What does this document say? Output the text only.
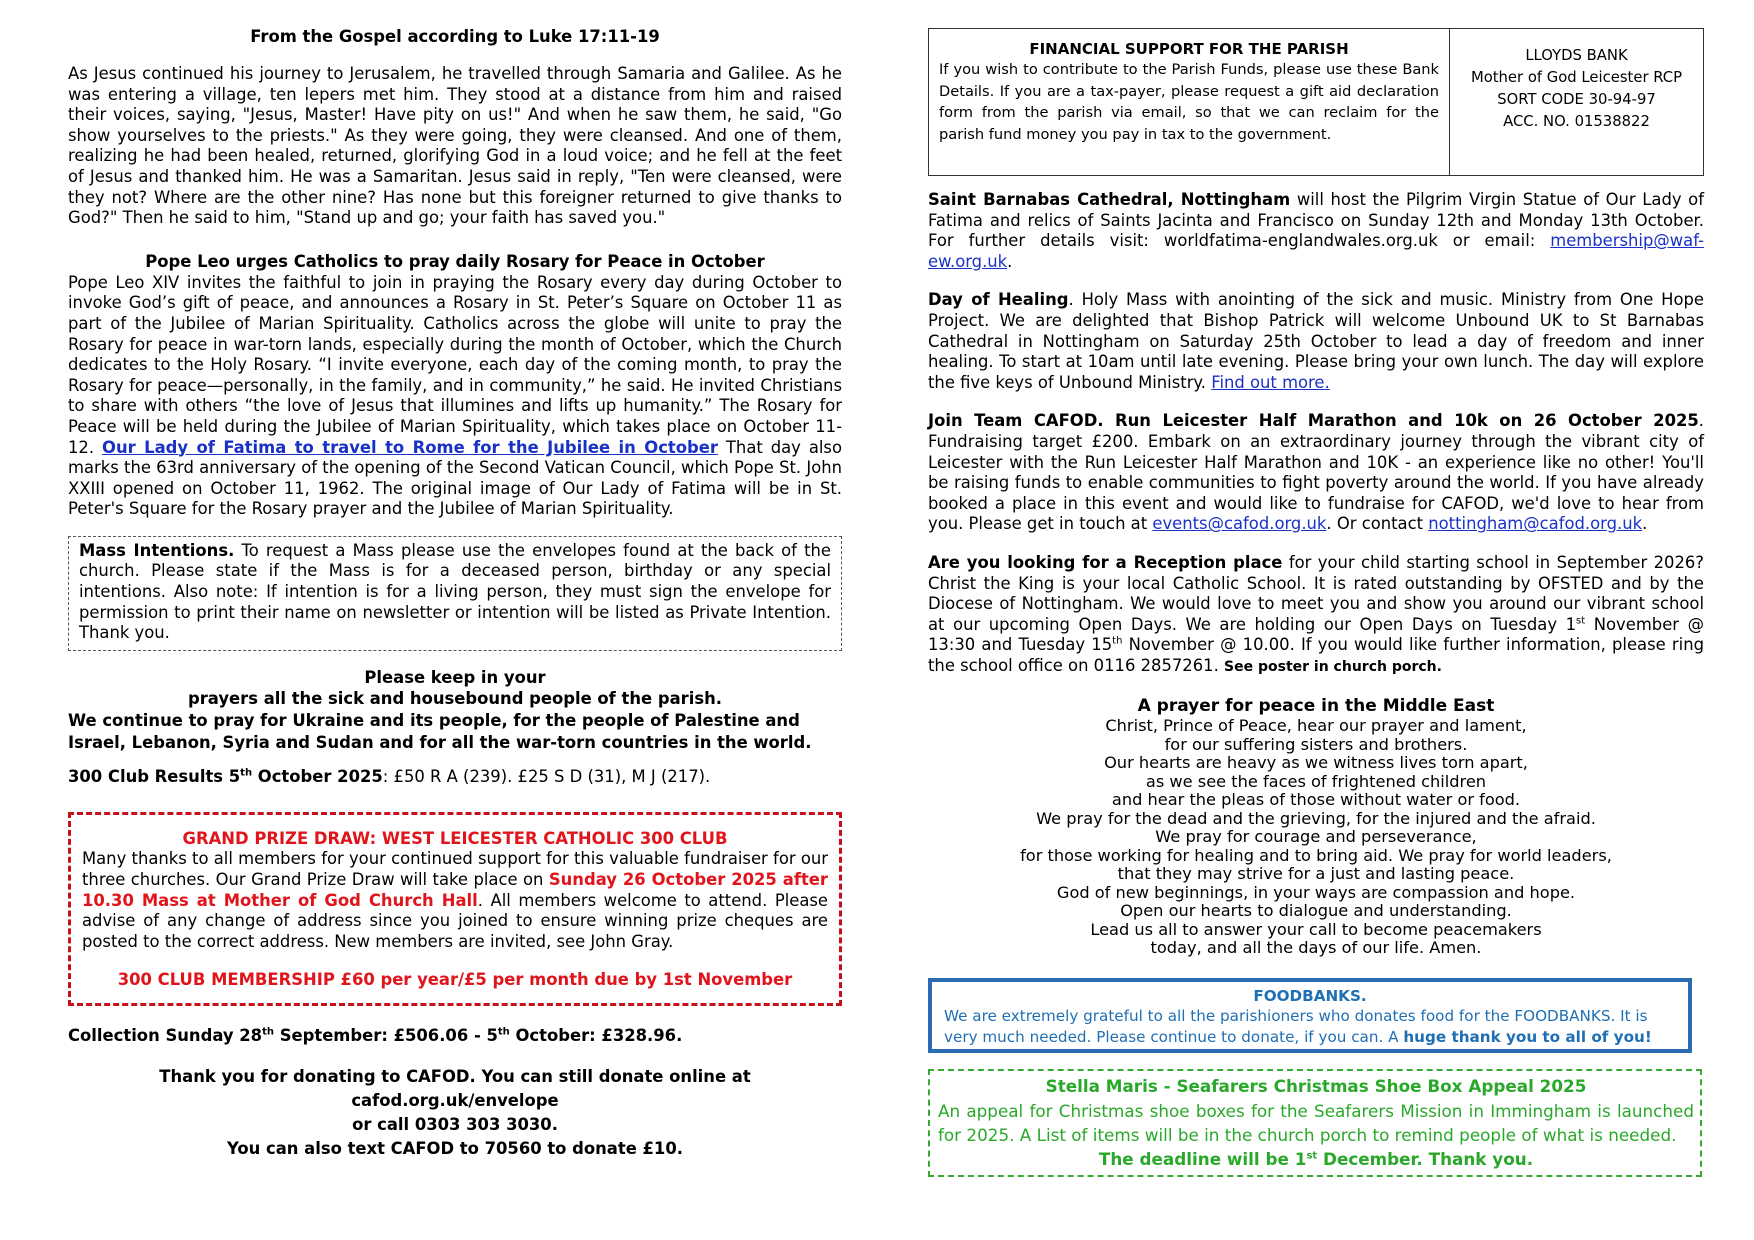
From the Gospel according to Luke 17:11-19

As Jesus continued his journey to Jerusalem, he travelled through Samaria and Galilee. As he was entering a village, ten lepers met him. They stood at a distance from him and raised their voices, saying, "Jesus, Master! Have pity on us!" And when he saw them, he said, "Go show yourselves to the priests." As they were going, they were cleansed. And one of them, realizing he had been healed, returned, glorifying God in a loud voice; and he fell at the feet of Jesus and thanked him. He was a Samaritan. Jesus said in reply, "Ten were cleansed, were they not? Where are the other nine? Has none but this foreigner returned to give thanks to God?" Then he said to him, "Stand up and go; your faith has saved you."

Pope Leo urges Catholics to pray daily Rosary for Peace in October

Pope Leo XIV invites the faithful to join in praying the Rosary every day during October to invoke God’s gift of peace, and announces a Rosary in St. Peter’s Square on October 11 as part of the Jubilee of Marian Spirituality. Catholics across the globe will unite to pray the Rosary for peace in war-torn lands, especially during the month of October, which the Church dedicates to the Holy Rosary. “I invite everyone, each day of the coming month, to pray the Rosary for peace—personally, in the family, and in community,” he said. He invited Christians to share with others “the love of Jesus that illumines and lifts up humanity.” The Rosary for Peace will be held during the Jubilee of Marian Spirituality, which takes place on October 11-12. Our Lady of Fatima to travel to Rome for the Jubilee in October That day also marks the 63rd anniversary of the opening of the Second Vatican Council, which Pope St. John XXIII opened on October 11, 1962. The original image of Our Lady of Fatima will be in St. Peter's Square for the Rosary prayer and the Jubilee of Marian Spirituality.

Mass Intentions. To request a Mass please use the envelopes found at the back of the church. Please state if the Mass is for a deceased person, birthday or any special intentions. Also note: If intention is for a living person, they must sign the envelope for permission to print their name on newsletter or intention will be listed as Private Intention. Thank you.

Please keep in your

prayers all the sick and housebound people of the parish.

We continue to pray for Ukraine and its people, for the people of Palestine and Israel, Lebanon, Syria and Sudan and for all the war-torn countries in the world.

300 Club Results 5th October 2025: £50 R A (239). £25 S D (31), M J (217).

GRAND PRIZE DRAW: WEST LEICESTER CATHOLIC 300 CLUB

Many thanks to all members for your continued support for this valuable fundraiser for our three churches. Our Grand Prize Draw will take place on Sunday 26 October 2025 after 10.30 Mass at Mother of God Church Hall. All members welcome to attend. Please advise of any change of address since you joined to ensure winning prize cheques are posted to the correct address. New members are invited, see John Gray.

300 CLUB MEMBERSHIP £60 per year/£5 per month due by 1st November

Collection Sunday 28th September: £506.06 - 5th October: £328.96.

Thank you for donating to CAFOD. You can still donate online at cafod.org.uk/envelope

or call 0303 303 3030.

You can also text CAFOD to 70560 to donate £10.

FINANCIAL SUPPORT FOR THE PARISH
If you wish to contribute to the Parish Funds, please use these Bank Details. If you are a tax-payer, please request a gift aid declaration form from the parish via email, so that we can reclaim for the parish fund money you pay in tax to the government.
LLOYDS BANK
Mother of God Leicester RCP
SORT CODE 30-94-97
ACC. NO. 01538822

Saint Barnabas Cathedral, Nottingham will host the Pilgrim Virgin Statue of Our Lady of Fatima and relics of Saints Jacinta and Francisco on Sunday 12th and Monday 13th October. For further details visit: worldfatima-englandwales.org.uk or email: membership@waf-ew.org.uk.

Day of Healing. Holy Mass with anointing of the sick and music. Ministry from One Hope Project. We are delighted that Bishop Patrick will welcome Unbound UK to St Barnabas Cathedral in Nottingham on Saturday 25th October to lead a day of freedom and inner healing. To start at 10am until late evening. Please bring your own lunch. The day will explore the five keys of Unbound Ministry. Find out more.

Join Team CAFOD. Run Leicester Half Marathon and 10k on 26 October 2025. Fundraising target £200. Embark on an extraordinary journey through the vibrant city of Leicester with the Run Leicester Half Marathon and 10K - an experience like no other! You'll be raising funds to enable communities to fight poverty around the world. If you have already booked a place in this event and would like to fundraise for CAFOD, we'd love to hear from you. Please get in touch at events@cafod.org.uk. Or contact nottingham@cafod.org.uk.

Are you looking for a Reception place for your child starting school in September 2026? Christ the King is your local Catholic School. It is rated outstanding by OFSTED and by the Diocese of Nottingham. We would love to meet you and show you around our vibrant school at our upcoming Open Days. We are holding our Open Days on Tuesday 1st November @ 13:30 and Tuesday 15th November @ 10.00. If you would like further information, please ring the school office on 0116 2857261. See poster in church porch.

A prayer for peace in the Middle East

Christ, Prince of Peace, hear our prayer and lament,

for our suffering sisters and brothers.

Our hearts are heavy as we witness lives torn apart,

as we see the faces of frightened children

and hear the pleas of those without water or food.

We pray for the dead and the grieving, for the injured and the afraid.

We pray for courage and perseverance,

for those working for healing and to bring aid. We pray for world leaders,

that they may strive for a just and lasting peace.

God of new beginnings, in your ways are compassion and hope.

Open our hearts to dialogue and understanding.

Lead us all to answer your call to become peacemakers

today, and all the days of our life. Amen.

FOODBANKS.

We are extremely grateful to all the parishioners who donates food for the FOODBANKS. It is very much needed. Please continue to donate, if you can. A huge thank you to all of you!

Stella Maris - Seafarers Christmas Shoe Box Appeal 2025

An appeal for Christmas shoe boxes for the Seafarers Mission in Immingham is launched for 2025. A List of items will be in the church porch to remind people of what is needed.

The deadline will be 1st December. Thank you.
